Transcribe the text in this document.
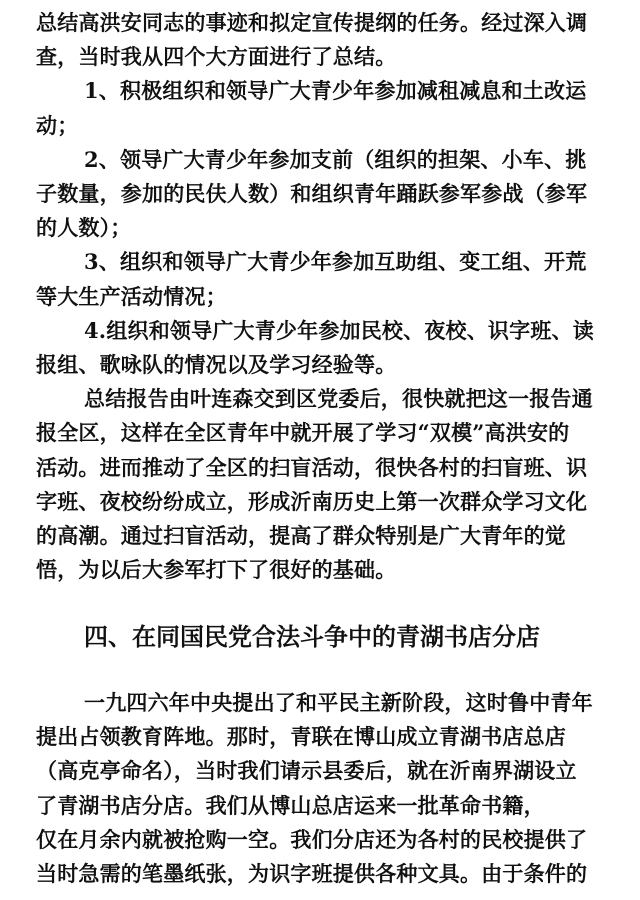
总结高洪安同志的事迹和拟定宣传提纲的任务。经过深入调
查，当时我从四个大方面进行了总结。
1、积极组织和领导广大青少年参加减租减息和土改运
动；
2、领导广大青少年参加支前（组织的担架、小车、挑
子数量，参加的民伕人数）和组织青年踊跃参军参战（参军
的人数）；
3、组织和领导广大青少年参加互助组、变工组、开荒
等大生产活动情况；
4.组织和领导广大青少年参加民校、夜校、识字班、读
报组、歌咏队的情况以及学习经验等。
总结报告由叶连森交到区党委后，很快就把这一报告通
报全区，这样在全区青年中就开展了学习“双模”高洪安的
活动。进而推动了全区的扫盲活动，很快各村的扫盲班、识
字班、夜校纷纷成立，形成沂南历史上第一次群众学习文化
的高潮。通过扫盲活动，提高了群众特别是广大青年的觉
悟，为以后大参军打下了很好的基础。
四、在同国民党合法斗争中的青湖书店分店
一九四六年中央提出了和平民主新阶段，这时鲁中青年
提出占领教育阵地。那时，青联在博山成立青湖书店总店
（高克亭命名），当时我们请示县委后，就在沂南界湖设立
了青湖书店分店。我们从博山总店运来一批革命书籍，
仅在月余内就被抢购一空。我们分店还为各村的民校提供了
当时急需的笔墨纸张，为识字班提供各种文具。由于条件的
